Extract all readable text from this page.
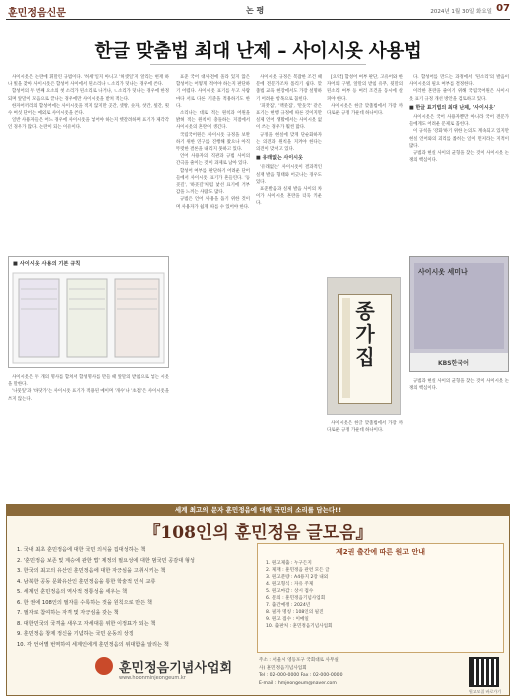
훈민정음신문	논 평	2024년 1월 30일 화요일 07
한글 맞춤법 최대 난제 – 사이시옷 사용법

사이시옷은 논란에 휘말린 규범이다. '허세'일지 아니고 '허셋일'지 알리는 현재 하나 빛을 찾아 사이시옷은 합성어 사이에서 된소리나 ㄴ소리가 덧나는 경우에 쓴다.

합성어의 두 번째 요소의 첫 소리가 된소리로 나거나, ㄴ소리가 덧나는 경우에 한정되며 앞말이 모음으로 끝나는 경우에만 사이시옷을 받쳐 적는다.

한자어끼리의 합성어에는 사이시옷을 적지 않지만 곳간, 셋방, 숫자, 찻간, 툇간, 횟수 여섯 단어는 예외로 사이시옷을 쓴다.

일반 사용자들은 어느 경우에 사이시옷을 넣어야 하는지 헷갈려하며 표기가 제각각인 경우가 많다. 논란이 되는 이유이다.

■ 사이시옷 사용의 기본 규칙

사이시옷은 두 개의 명사를 합쳐서 합성명사를 만들 때 앞말의 받침으로 넣는 시옷을 말한다.

'나뭇잎'과 '바닷가'는 사이시옷 표기가 적용된 예이며 '개수'나 '초점'은 사이시옷을 쓰지 않는다.

표준 국어 대사전에 올라 있지 않은 합성어는 어떻게 적어야 하는지 판단하기 어렵다. 사이시옷 표기를 두고 사람마다 서로 다른 기준을 적용하기도 한다.

소리나는 대로 적는 원칙과 어원을 밝혀 적는 원칙이 충돌하는 지점에서 사이시옷의 혼란이 생긴다.

국립국어원은 사이시옷 규정을 보완하기 위한 연구를 진행해 왔으나 아직 뚜렷한 결론을 내리지 못하고 있다.

언어 사용자의 직관과 규범 사이의 간극을 줄이는 것이 과제로 남아 있다.

합성어 여부를 판단하기 어려운 단어들에서 사이시옷 표기가 흔들린다. '등굣길', '하굣길'처럼 낯선 표기에 거부감을 느끼는 사람도 많다.

규범은 언어 사용을 돕기 위한 것이며 사용자가 쉽게 따를 수 있어야 한다.

사이시옷 규정은 복잡한 조건 때문에 전문가조차 틀리기 쉽다. 맞춤법 교육 현장에서도 가장 설명하기 어려운 항목으로 꼽힌다.

'피잣집', '맥줏집', '만둣국' 같은 표기는 현행 규정에 따른 것이지만 실제 언어 생활에서는 사이시옷 없이 쓰는 경우가 훨씬 많다.

규정을 현실에 맞게 단순화하자는 의견과 원칙을 지켜야 한다는 의견이 맞서고 있다.

■ 유래없는 사이시옷

'유래없는' 사이시옷이 결과적인 실재 발음 형태와 어긋나는 경우도 있다.

표준발음과 실제 발음 사이의 차이가 사이시옷 혼란을 더욱 키운다.

[요약] 합성어 여부 판단, 고유어와 한자어의 구별, 앞말의 받침 유무, 뒷말의 된소리 여부 등 여러 조건을 동시에 살펴야 한다.

사이시옷은 한글 맞춤법에서 가장 까다로운 규정 가운데 하나이다.

종가집

사이시옷은 한글 맞춤법에서 가장 까다로운 규정 가운데 하나이다.

다. 합성어를 만드는 과정에서 '된소리'의 발음이 사이시옷의 필요 여부를 결정한다.

이러한 혼란을 줄이기 위해 국립국어원은 사이시옷 표기 규정 개선 방안을 검토하고 있다.

■ 한글 표기법의 최대 난제, '사이시옷'

사이시옷은 국어 사용자뿐만 아니라 국어 전문가들에게도 어려운 문제로 꼽힌다.

이 규칙을 '강화'하기 위한 논의도 계속되고 있지만 현실 언어와의 괴리를 좁히는 일이 먼저라는 지적이 많다.

규범과 현실 사이의 균형을 찾는 것이 사이시옷 논쟁의 핵심이다.

사이시옷 세미나
KBS한국어

규범과 현실 사이의 균형을 찾는 것이 사이시옷 논쟁의 핵심이다.

세계 최고의 문자 훈민정음에 대해 국민의 소리를 담는다!!
『108인의 훈민정음 글모음』
1. 국내 최초 훈민정음에 대한 국민 의식을 집대성하는 책
2. '훈민정음 보존 및 계승에 관한 법' 제정의 필요성에 대한 범국민 공감대 형성
3. 한국의 최고의 유산인 훈민정음에 대한 자긍심을 고취시키는 책
4. 남북한 공동 문화유산인 훈민정음을 통한 학술적 인식 교류
5. 세계인 훈민정음의 역사적 정통성을 세우는 책
6. 한 권에 108인의 필자를 수록하는 것을 원칙으로 만든 책
7. 필자로 참여하는 자격 및 자긍심을 갖는 책
8. 대한민국의 국격을 새우고 자세대를 위한 이정표가 되는 책
9. 훈민정음 창제 정신을 기념하는 국민 운동의 상징
10. 각 언어별 번역하여 세계인에게 훈민정음의 위대함을 알리는 책
제2권 출간에 따른 원고 안내
1. 원고제출 : 누구든지
2. 제재 : 훈민정음 관련 모든 글
3. 원고분량 : A4용지 2장 내외
4. 원고형식 : 자유 주제
5. 원고마감 : 상시 접수
6. 문의 : 훈민정음기념사업회
7. 출간예정 : 2024년
8. 필자 명칭 : 108인의 필진
9. 원고 접수 : 이메일
10. 출판처 : 훈민정음기념사업회
훈민정음기념사업회
www.hoonminjeongeum.kr
주소 : 서울시 영등포구 국회대로 사무실
사) 훈민정음기념사업회
Tel : 02-000-0000 Fax : 02-000-0000
E-mail : hmjeongeum@naver.com
원고모집 바로가기
